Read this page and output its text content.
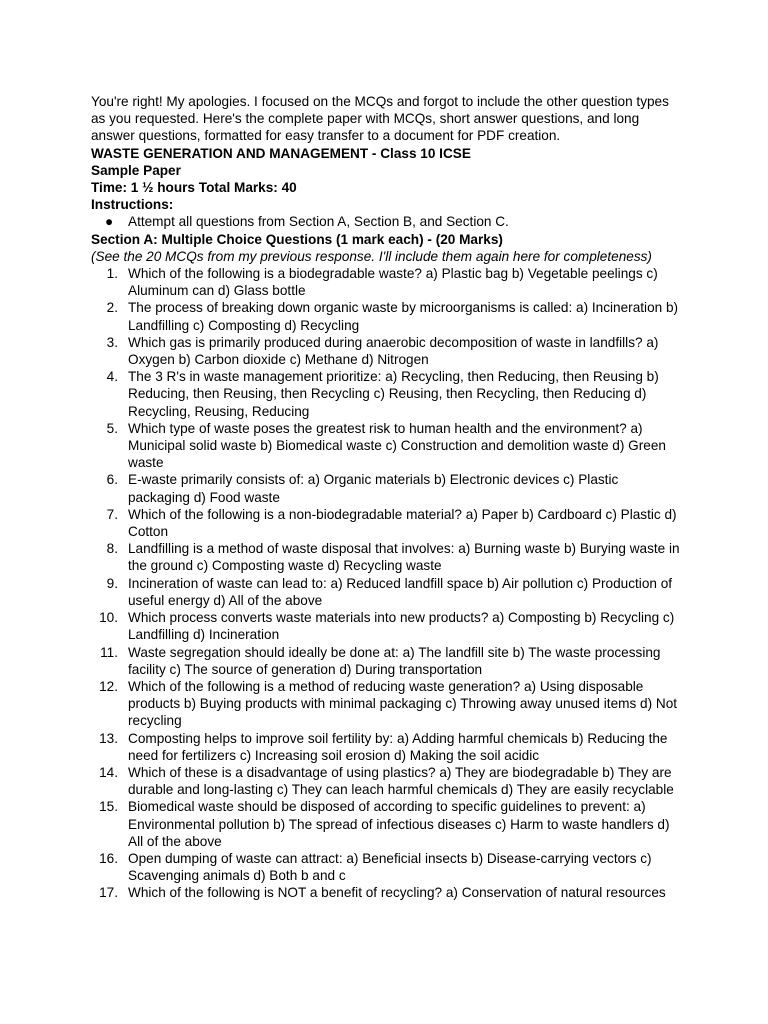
You're right! My apologies. I focused on the MCQs and forgot to include the other question types as you requested. Here's the complete paper with MCQs, short answer questions, and long answer questions, formatted for easy transfer to a document for PDF creation.

WASTE GENERATION AND MANAGEMENT - Class 10 ICSE

Sample Paper

Time: 1 ½ hours Total Marks: 40

Instructions:

● Attempt all questions from Section A, Section B, and Section C.

Section A: Multiple Choice Questions (1 mark each) - (20 Marks)

(See the 20 MCQs from my previous response. I'll include them again here for completeness)

1. Which of the following is a biodegradable waste? a) Plastic bag b) Vegetable peelings c) Aluminum can d) Glass bottle
2. The process of breaking down organic waste by microorganisms is called: a) Incineration b) Landfilling c) Composting d) Recycling
3. Which gas is primarily produced during anaerobic decomposition of waste in landfills? a) Oxygen b) Carbon dioxide c) Methane d) Nitrogen
4. The 3 R's in waste management prioritize: a) Recycling, then Reducing, then Reusing b) Reducing, then Reusing, then Recycling c) Reusing, then Recycling, then Reducing d) Recycling, Reusing, Reducing
5. Which type of waste poses the greatest risk to human health and the environment? a) Municipal solid waste b) Biomedical waste c) Construction and demolition waste d) Green waste
6. E-waste primarily consists of: a) Organic materials b) Electronic devices c) Plastic packaging d) Food waste
7. Which of the following is a non-biodegradable material? a) Paper b) Cardboard c) Plastic d) Cotton
8. Landfilling is a method of waste disposal that involves: a) Burning waste b) Burying waste in the ground c) Composting waste d) Recycling waste
9. Incineration of waste can lead to: a) Reduced landfill space b) Air pollution c) Production of useful energy d) All of the above
10. Which process converts waste materials into new products? a) Composting b) Recycling c) Landfilling d) Incineration
11. Waste segregation should ideally be done at: a) The landfill site b) The waste processing facility c) The source of generation d) During transportation
12. Which of the following is a method of reducing waste generation? a) Using disposable products b) Buying products with minimal packaging c) Throwing away unused items d) Not recycling
13. Composting helps to improve soil fertility by: a) Adding harmful chemicals b) Reducing the need for fertilizers c) Increasing soil erosion d) Making the soil acidic
14. Which of these is a disadvantage of using plastics? a) They are biodegradable b) They are durable and long-lasting c) They can leach harmful chemicals d) They are easily recyclable
15. Biomedical waste should be disposed of according to specific guidelines to prevent: a) Environmental pollution b) The spread of infectious diseases c) Harm to waste handlers d) All of the above
16. Open dumping of waste can attract: a) Beneficial insects b) Disease-carrying vectors c) Scavenging animals d) Both b and c
17. Which of the following is NOT a benefit of recycling? a) Conservation of natural resources
